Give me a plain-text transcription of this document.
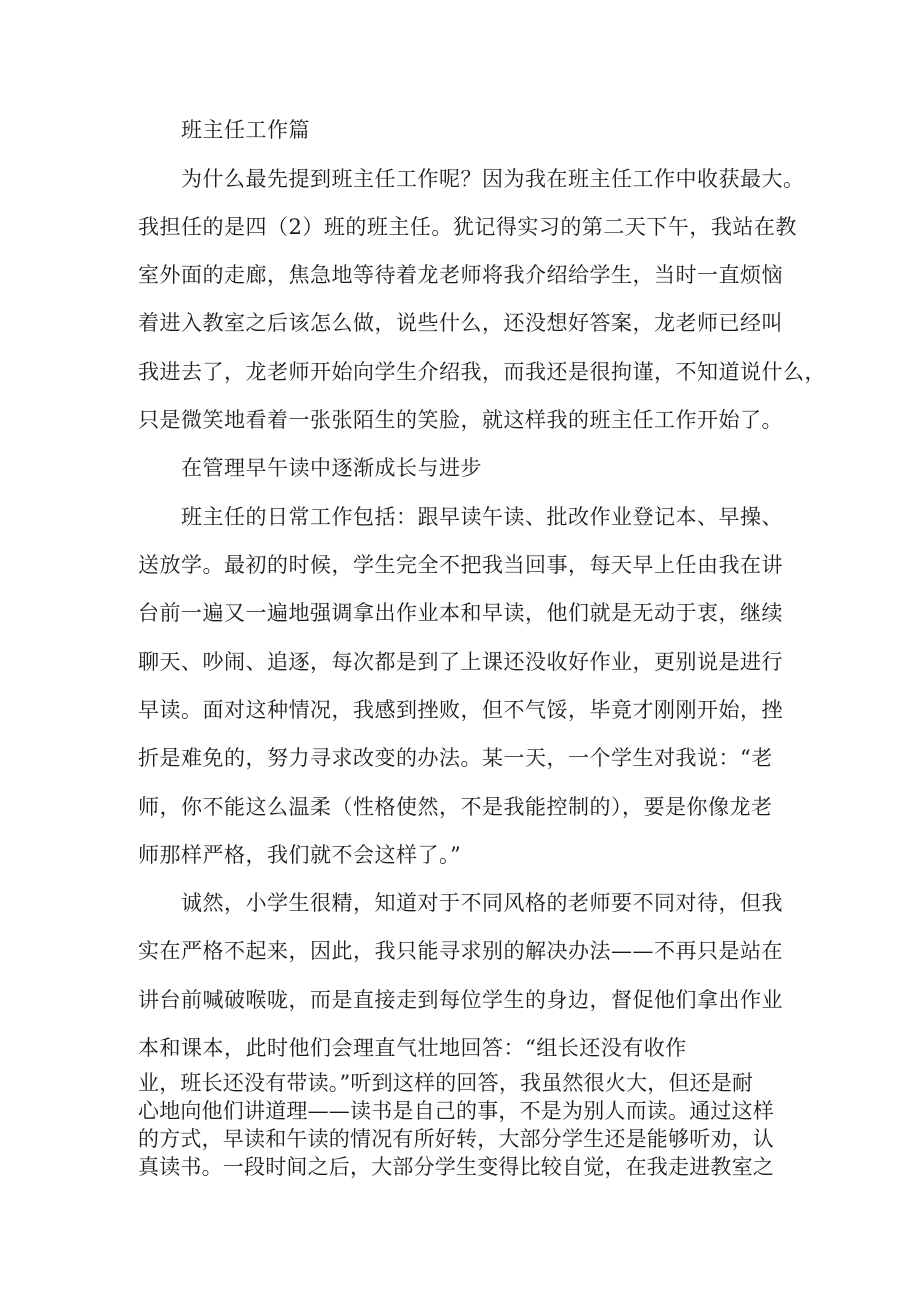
班主任工作篇
为什么最先提到班主任工作呢？因为我在班主任工作中收获最大。
我担任的是四（2）班的班主任。犹记得实习的第二天下午，我站在教
室外面的走廊，焦急地等待着龙老师将我介绍给学生，当时一直烦恼
着进入教室之后该怎么做，说些什么，还没想好答案，龙老师已经叫
我进去了，龙老师开始向学生介绍我，而我还是很拘谨，不知道说什么，
只是微笑地看着一张张陌生的笑脸，就这样我的班主任工作开始了。
在管理早午读中逐渐成长与进步
班主任的日常工作包括：跟早读午读、批改作业登记本、早操、
送放学。最初的时候，学生完全不把我当回事，每天早上任由我在讲
台前一遍又一遍地强调拿出作业本和早读，他们就是无动于衷，继续
聊天、吵闹、追逐，每次都是到了上课还没收好作业，更别说是进行
早读。面对这种情况，我感到挫败，但不气馁，毕竟才刚刚开始，挫
折是难免的，努力寻求改变的办法。某一天，一个学生对我说：“老
师，你不能这么温柔（性格使然，不是我能控制的），要是你像龙老
师那样严格，我们就不会这样了。”
诚然，小学生很精，知道对于不同风格的老师要不同对待，但我
实在严格不起来，因此，我只能寻求别的解决办法——不再只是站在
讲台前喊破喉咙，而是直接走到每位学生的身边，督促他们拿出作业
本和课本，此时他们会理直气壮地回答：“组长还没有收作
业，班长还没有带读。”听到这样的回答，我虽然很火大，但还是耐
心地向他们讲道理——读书是自己的事，不是为别人而读。通过这样
的方式，早读和午读的情况有所好转，大部分学生还是能够听劝，认
真读书。一段时间之后，大部分学生变得比较自觉，在我走进教室之
